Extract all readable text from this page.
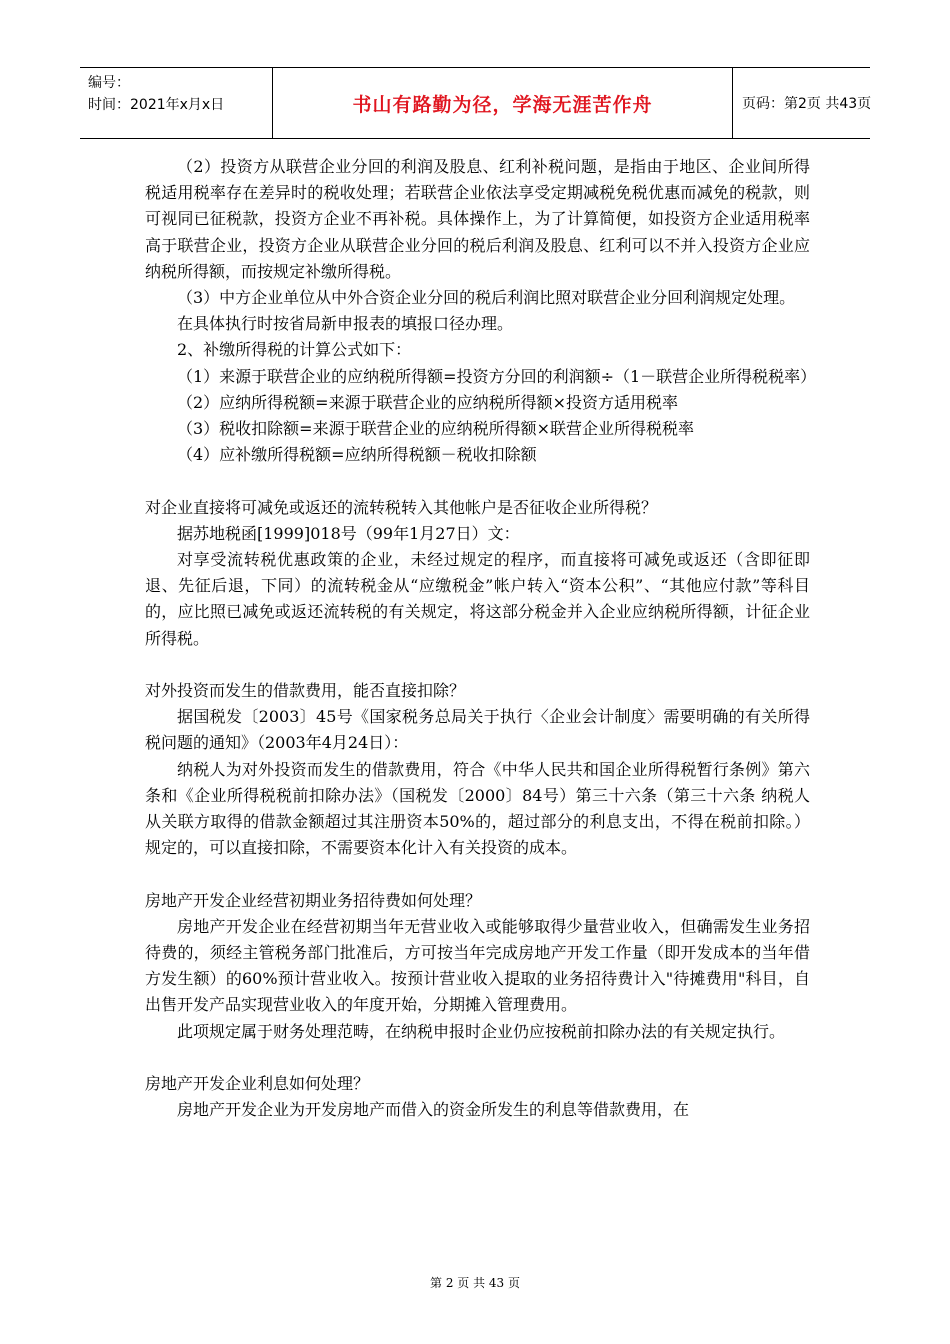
编号：
时间：2021年x月x日	书山有路勤为径，学海无涯苦作舟	页码：第2页 共43页

（2）投资方从联营企业分回的利润及股息、红利补税问题，是指由于地区、企业间所得税适用税率存在差异时的税收处理；若联营企业依法享受定期减税免税优惠而减免的税款，则可视同已征税款，投资方企业不再补税。具体操作上，为了计算简便，如投资方企业适用税率高于联营企业，投资方企业从联营企业分回的税后利润及股息、红利可以不并入投资方企业应纳税所得额，而按规定补缴所得税。

（3）中方企业单位从中外合资企业分回的税后利润比照对联营企业分回利润规定处理。

在具体执行时按省局新申报表的填报口径办理。

2、补缴所得税的计算公式如下：

（1）来源于联营企业的应纳税所得额=投资方分回的利润额÷（1－联营企业所得税税率）

（2）应纳所得税额=来源于联营企业的应纳税所得额×投资方适用税率

（3）税收扣除额=来源于联营企业的应纳税所得额×联营企业所得税税率

（4）应补缴所得税额=应纳所得税额－税收扣除额

对企业直接将可减免或返还的流转税转入其他帐户是否征收企业所得税？

据苏地税函[1999]018号（99年1月27日）文：

对享受流转税优惠政策的企业，未经过规定的程序，而直接将可减免或返还（含即征即退、先征后退，下同）的流转税金从“应缴税金”帐户转入“资本公积”、“其他应付款”等科目的，应比照已减免或返还流转税的有关规定，将这部分税金并入企业应纳税所得额，计征企业所得税。

对外投资而发生的借款费用，能否直接扣除？

据国税发〔2003〕45号《国家税务总局关于执行〈企业会计制度〉需要明确的有关所得税问题的通知》（2003年4月24日）：

纳税人为对外投资而发生的借款费用，符合《中华人民共和国企业所得税暂行条例》第六条和《企业所得税税前扣除办法》（国税发〔2000〕84号）第三十六条（第三十六条 纳税人从关联方取得的借款金额超过其注册资本50%的，超过部分的利息支出，不得在税前扣除。）规定的，可以直接扣除，不需要资本化计入有关投资的成本。

房地产开发企业经营初期业务招待费如何处理？

房地产开发企业在经营初期当年无营业收入或能够取得少量营业收入，但确需发生业务招待费的，须经主管税务部门批准后，方可按当年完成房地产开发工作量（即开发成本的当年借方发生额）的60%预计营业收入。按预计营业收入提取的业务招待费计入"待摊费用"科目，自出售开发产品实现营业收入的年度开始，分期摊入管理费用。

此项规定属于财务处理范畴，在纳税申报时企业仍应按税前扣除办法的有关规定执行。

房地产开发企业利息如何处理？

房地产开发企业为开发房地产而借入的资金所发生的利息等借款费用，在

第 2 页 共 43 页
